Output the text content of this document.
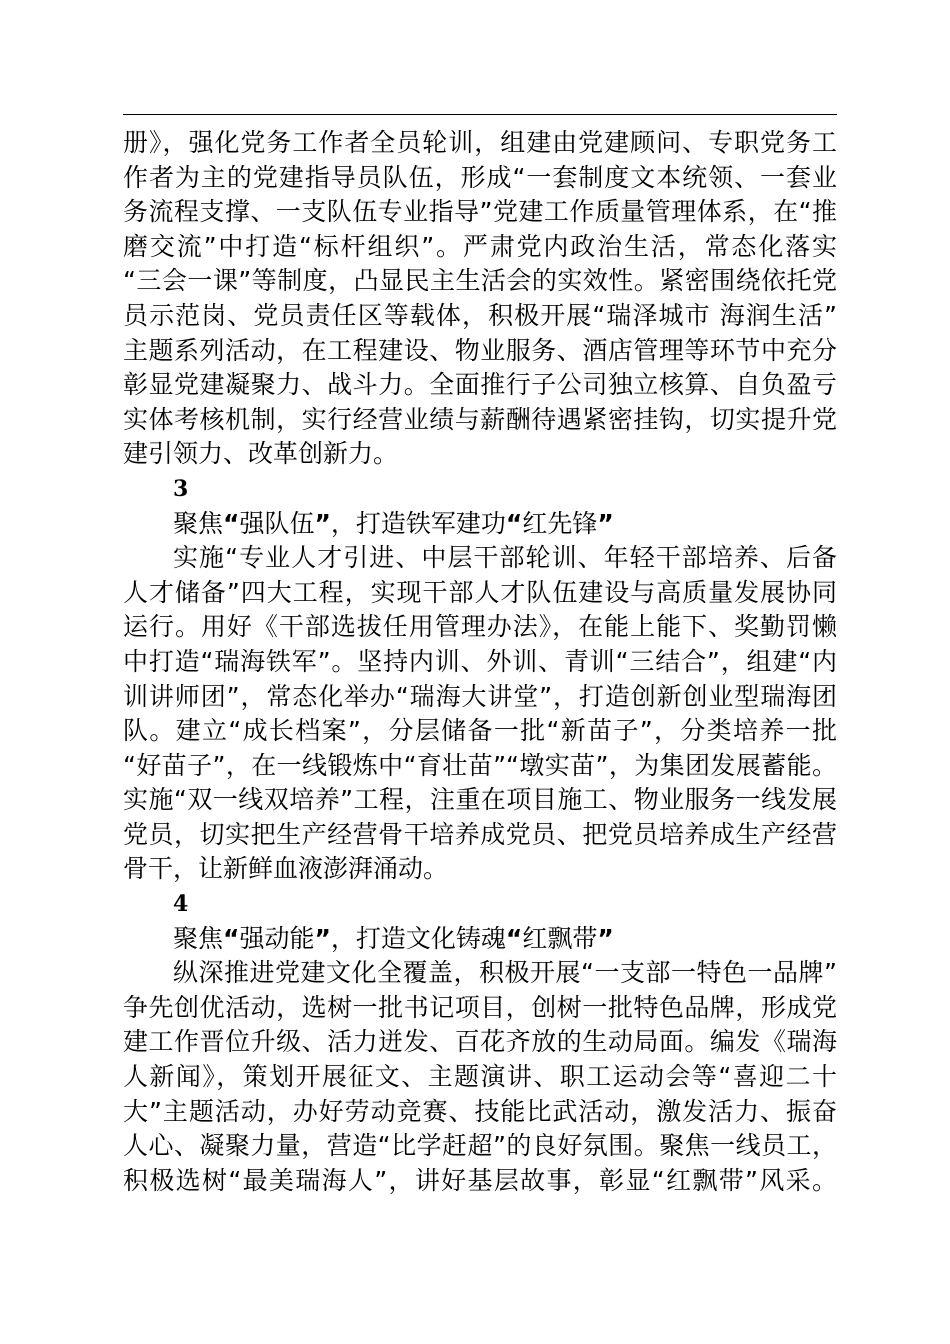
册》，强化党务工作者全员轮训，组建由党建顾问、专职党务工
作者为主的党建指导员队伍，形成“一套制度文本统领、一套业
务流程支撑、一支队伍专业指导”党建工作质量管理体系，在“推
磨交流”中打造“标杆组织”。严肃党内政治生活，常态化落实
“三会一课”等制度，凸显民主生活会的实效性。紧密围绕依托党
员示范岗、党员责任区等载体，积极开展“瑞泽城市 海润生活”
主题系列活动，在工程建设、物业服务、酒店管理等环节中充分
彰显党建凝聚力、战斗力。全面推行子公司独立核算、自负盈亏
实体考核机制，实行经营业绩与薪酬待遇紧密挂钩，切实提升党
建引领力、改革创新力。
3
聚焦“强队伍”，打造铁军建功“红先锋”
实施“专业人才引进、中层干部轮训、年轻干部培养、后备
人才储备”四大工程，实现干部人才队伍建设与高质量发展协同
运行。用好《干部选拔任用管理办法》，在能上能下、奖勤罚懒
中打造“瑞海铁军”。坚持内训、外训、青训“三结合”，组建“内
训讲师团”，常态化举办“瑞海大讲堂”，打造创新创业型瑞海团
队。建立“成长档案”，分层储备一批“新苗子”，分类培养一批
“好苗子”，在一线锻炼中“育壮苗”“墩实苗”，为集团发展蓄能。
实施“双一线双培养”工程，注重在项目施工、物业服务一线发展
党员，切实把生产经营骨干培养成党员、把党员培养成生产经营
骨干，让新鲜血液澎湃涌动。
4
聚焦“强动能”，打造文化铸魂“红飘带”
纵深推进党建文化全覆盖，积极开展“一支部一特色一品牌”
争先创优活动，选树一批书记项目，创树一批特色品牌，形成党
建工作晋位升级、活力迸发、百花齐放的生动局面。编发《瑞海
人新闻》，策划开展征文、主题演讲、职工运动会等“喜迎二十
大”主题活动，办好劳动竞赛、技能比武活动，激发活力、振奋
人心、凝聚力量，营造“比学赶超”的良好氛围。聚焦一线员工，
积极选树“最美瑞海人”，讲好基层故事，彰显“红飘带”风采。
